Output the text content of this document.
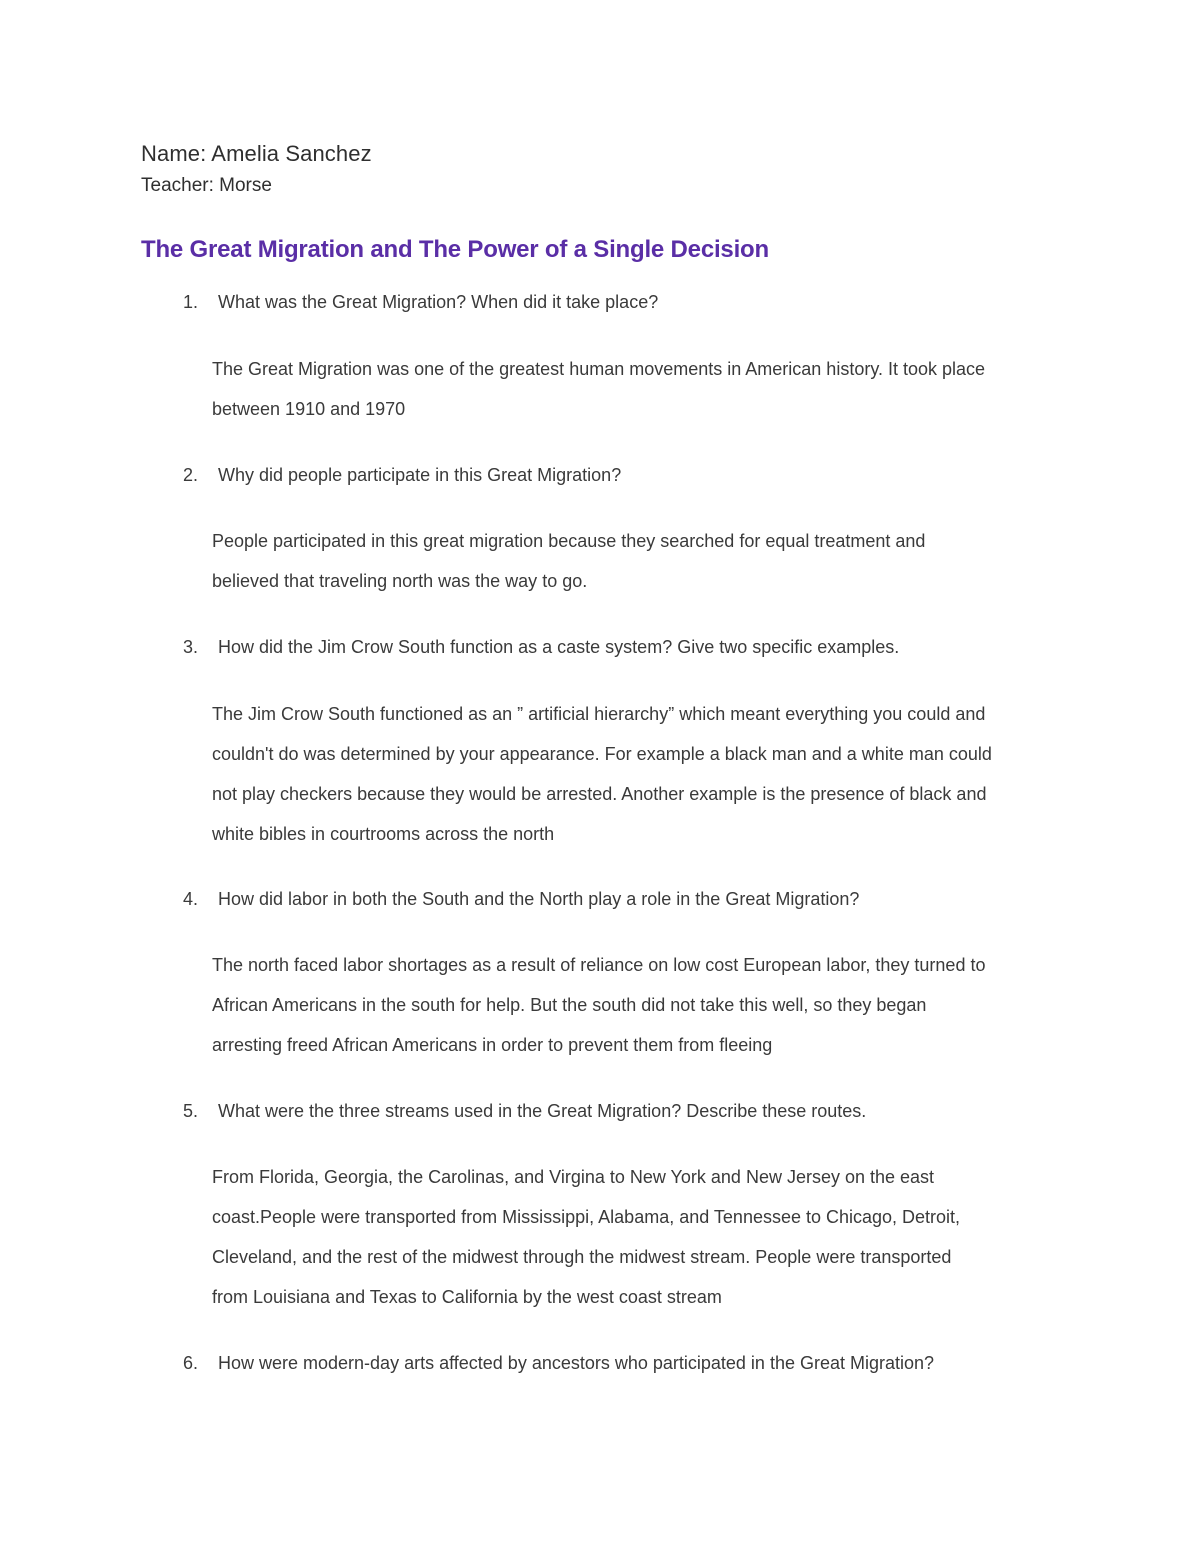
Name: Amelia Sanchez
Teacher: Morse
The Great Migration and The Power of a Single Decision
1. What was the Great Migration? When did it take place?
The Great Migration was one of the greatest human movements in American history. It took place
between 1910 and 1970
2. Why did people participate in this Great Migration?
People participated in this great migration because they searched for equal treatment and
believed that traveling north was the way to go.
3. How did the Jim Crow South function as a caste system? Give two specific examples.
The Jim Crow South functioned as an ” artificial hierarchy” which meant everything you could and
couldn't do was determined by your appearance. For example a black man and a white man could
not play checkers because they would be arrested. Another example is the presence of black and
white bibles in courtrooms across the north
4. How did labor in both the South and the North play a role in the Great Migration?
The north faced labor shortages as a result of reliance on low cost European labor, they turned to
African Americans in the south for help. But the south did not take this well, so they began
arresting freed African Americans in order to prevent them from fleeing
5. What were the three streams used in the Great Migration? Describe these routes.
From Florida, Georgia, the Carolinas, and Virgina to New York and New Jersey on the east
coast.People were transported from Mississippi, Alabama, and Tennessee to Chicago, Detroit,
Cleveland, and the rest of the midwest through the midwest stream. People were transported
from Louisiana and Texas to California by the west coast stream
6. How were modern-day arts affected by ancestors who participated in the Great Migration?
